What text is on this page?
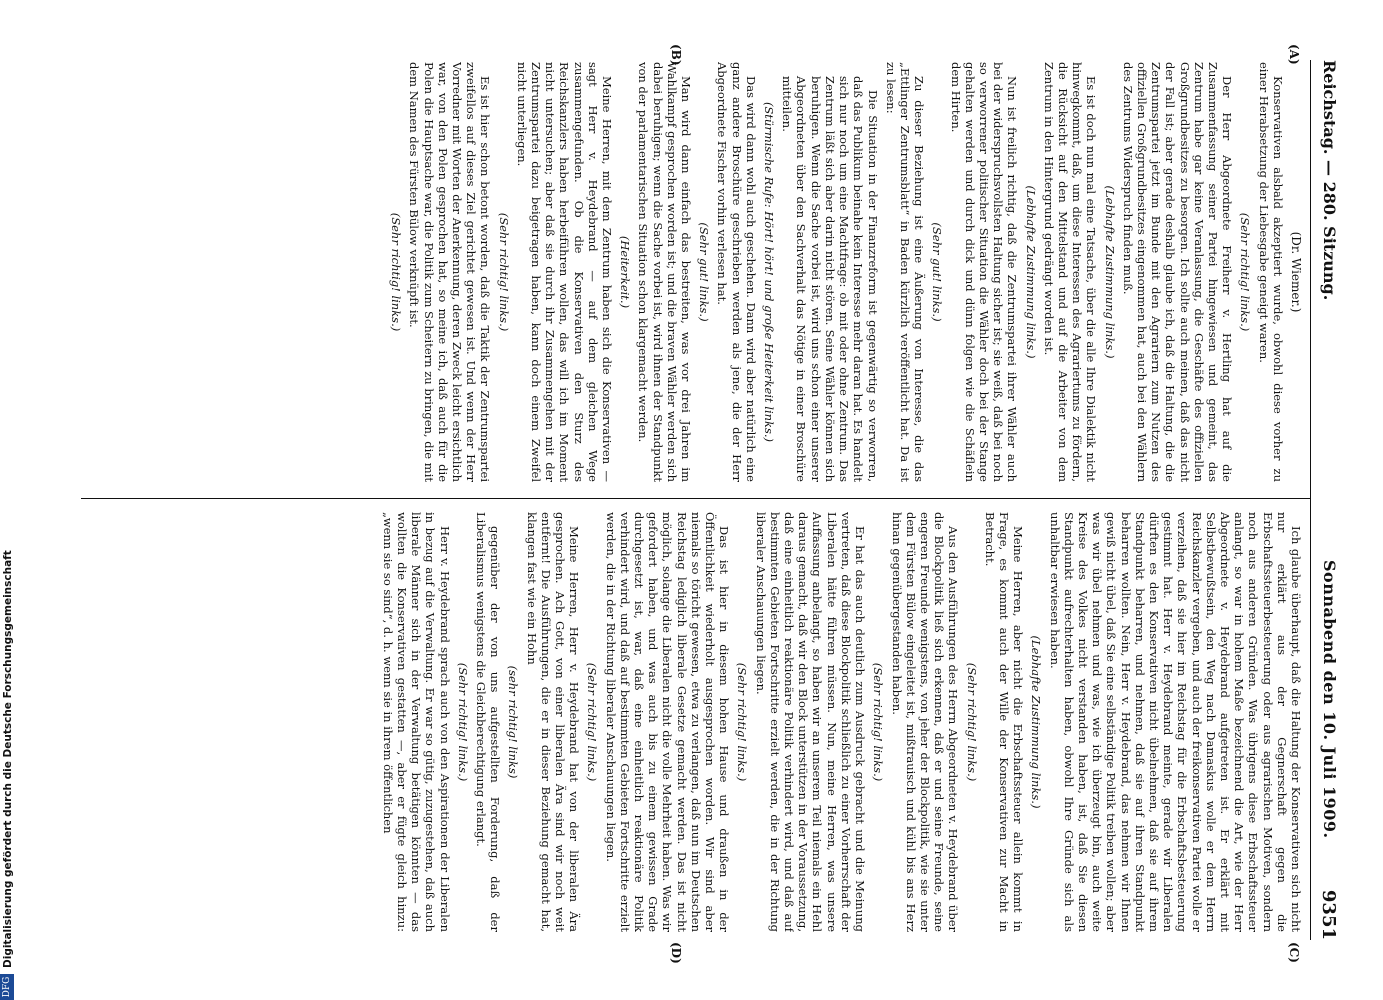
Reichstag. — 280. Sitzung.
Sonnabend den 10. Juli 1909.
9351
(A)
(B)
(C)
(D)
(Dr. Wiemer.)

Konservativen alsbald akzeptiert wurde, obwohl diese vorher zu einer Herabsetzung der Liebesgabe geneigt waren.

(Sehr richtig! links.)

Der Herr Abgeordnete Freiherr v. Hertling hat auf die Zusammenfassung seiner Partei hingewiesen und gemeint, das Zentrum habe gar keine Veranlassung, die Geschäfte des offiziellen Großgrundbesitzes zu besorgen. Ich sollte auch meinen, daß das nicht der Fall ist; aber gerade deshalb glaube ich, daß die Haltung, die die Zentrumspartei jetzt im Bunde mit den Agrariern zum Nutzen des offiziellen Großgrundbesitzes eingenommen hat, auch bei den Wählern des Zentrums Widerspruch finden muß.

(Lebhafte Zustimmung links.)

Es ist doch nun mal eine Tatsache, über die alle Ihre Dialektik nicht hinwegkommt, daß, um diese Interessen des Agrariertums zu fördern, die Rücksicht auf den Mittelstand und auf die Arbeiter von dem Zentrum in den Hintergrund gedrängt worden ist.

(Lebhafte Zustimmung links.)

Nun ist freilich richtig, daß die Zentrumspartei ihrer Wähler auch bei der widerspruchsvollsten Haltung sicher ist; sie weiß, daß bei noch so verworrener politischer Situation die Wähler doch bei der Stange gehalten werden und durch dick und dünn folgen wie die Schäflein dem Hirten.

(Sehr gut! links.)

Zu dieser Beziehung ist eine Äußerung von Interesse, die das „Ettlinger Zentrumsblatt“ in Baden kürzlich veröffentlicht hat. Da ist zu lesen:

Die Situation in der Finanzreform ist gegenwärtig so verworren, daß das Publikum beinahe kein Interesse mehr daran hat. Es handelt sich nur noch um eine Machtfrage: ob mit oder ohne Zentrum. Das Zentrum läßt sich aber darin nicht stören. Seine Wähler können sich beruhigen. Wenn die Sache vorbei ist, wird uns schon einer unserer Abgeordneten über den Sachverhalt das Nötige in einer Broschüre mitteilen.

(Stürmische Rufe: Hört! hört! und große Heiterkeit links.)

Das wird dann wohl auch geschehen. Dann wird aber natürlich eine ganz andere Broschüre geschrieben werden als jene, die der Herr Abgeordnete Fischer vorhin verlesen hat.

(Sehr gut! links.)

Man wird dann einfach das bestreiten, was vor drei Jahren im Wahlkampf gesprochen worden ist; und die braven Wähler werden sich dabei beruhigen; wenn die Sache vorbei ist, wird ihnen der Standpunkt von der parlamentarischen Situation schon klargemacht werden.

(Heiterkeit.)

Meine Herren, mit dem Zentrum haben sich die Konservativen — sagt Herr v. Heydebrand — auf dem gleichen Wege zusammengefunden. Ob die Konservativen den Sturz des Reichskanzlers haben herbeiführen wollen, das will ich im Moment nicht untersuchen; aber daß sie durch ihr Zusammengehen mit der Zentrumspartei dazu beigetragen haben, kann doch einem Zweifel nicht unterliegen.

(Sehr richtig! links.)

Es ist hier schon betont worden, daß die Taktik der Zentrumspartei zweifellos auf dieses Ziel gerichtet gewesen ist. Und wenn der Herr Vorredner mit Worten der Anerkennung, deren Zweck leicht ersichtlich war, von den Polen gesprochen hat, so meine ich, daß auch für die Polen die Hauptsache war, die Politik zum Scheitern zu bringen, die mit dem Namen des Fürsten Bülow verknüpft ist.

(Sehr richtig! links.)

Ich glaube überhaupt, daß die Haltung der Konservativen sich nicht nur erklärt aus der Gegnerschaft gegen die Erbschaftssteuerbesteuerung oder aus agrarischen Motiven, sondern noch aus anderen Gründen. Was übrigens diese Erbschaftssteuer anlangt, so war in hohem Maße bezeichnend die Art, wie der Herr Abgeordnete v. Heydebrand aufgetreten ist. Er erklärt mit Selbstbewußtsein, den Weg nach Damaskus wolle er dem Herrn Reichskanzler vergeben, und auch der freikonservativen Partei wolle er verzeihen, daß sie hier im Reichstag für die Erbschaftsbesteuerung gestimmt hat. Herr v. Heydebrand meinte, gerade wir Liberalen dürften es den Konservativen nicht übelnehmen, daß sie auf ihrem Standpunkt beharren, und nehmen, daß sie auf ihren Standpunkt beharren wollten. Nein, Herr v. Heydebrand, das nehmen wir Ihnen gewiß nicht übel, daß Sie eine selbständige Politik treiben wollen; aber was wir übel nehmen und was, wie ich überzeugt bin, auch weite Kreise des Volkes nicht verstanden haben, ist, daß Sie diesen Standpunkt aufrechterhalten haben, obwohl Ihre Gründe sich als unhaltbar erwiesen haben.

(Lebhafte Zustimmung links.)

Meine Herren, aber nicht die Erbschaftssteuer allein kommt in Frage, es kommt auch der Wille der Konservativen zur Macht in Betracht.

(Sehr richtig! links.)

Aus den Ausführungen des Herrn Abgeordneten v. Heydebrand über die Blockpolitik ließ sich erkennen, daß er und seine Freunde, seine engeren Freunde wenigstens, von jeher der Blockpolitik, wie sie unter dem Fürsten Bülow eingeleitet ist, mißtrauisch und kühl bis ans Herz hinan gegenübergestanden haben.

(Sehr richtig! links.)

Er hat das auch deutlich zum Ausdruck gebracht und die Meinung vertreten, daß diese Blockpolitik schließlich zu einer Vorherrschaft der Liberalen hätte führen müssen. Nun, meine Herren, was unsere Auffassung anbelangt, so haben wir an unserem Teil niemals ein Hehl daraus gemacht, daß wir den Block unterstützen in der Voraussetzung, daß eine einheitlich reaktionäre Politik verhindert wird, und daß auf bestimmten Gebieten Fortschritte erzielt werden, die in der Richtung liberaler Anschauungen liegen.

(Sehr richtig! links.)

Das ist hier in diesem hohen Hause und draußen in der Öffentlichkeit wiederholt ausgesprochen worden. Wir sind aber niemals so töricht gewesen, etwa zu verlangen, daß nun im Deutschen Reichstag lediglich liberale Gesetze gemacht werden. Das ist nicht möglich, solange die Liberalen nicht die volle Mehrheit haben. Was wir gefordert haben, und was auch bis zu einem gewissen Grade durchgesetzt ist, war, daß eine einheitlich reaktionäre Politik verhindert wird, und daß auf bestimmten Gebieten Fortschritte erzielt werden, die in der Richtung liberaler Anschauungen liegen.

(Sehr richtig! links.)

Meine Herren, Herr v. Heydebrand hat von der liberalen Ära gesprochen. Ach Gott, von einer liberalen Ära sind wir noch weit entfernt! Die Ausführungen, die er in dieser Beziehung gemacht hat, klangen fast wie ein Hohn

(sehr richtig! links)

gegenüber der von uns aufgestellten Forderung, daß der Liberalismus wenigstens die Gleichberechtigung erlangt.

(Sehr richtig! links.)

Herr v. Heydebrand sprach auch von den Aspirationen der Liberalen in bezug auf die Verwaltung. Er war so gütig, zuzugestehen, daß auch liberale Männer sich in der Verwaltung betätigen könnten — das wollten die Konservativen gestatten —, aber er fügte gleich hinzu: „wenn sie so sind“, d. h. wenn sie in ihrem öffentlichen

DFG
Digitalisierung gefördert durch die Deutsche Forschungsgemeinschaft
